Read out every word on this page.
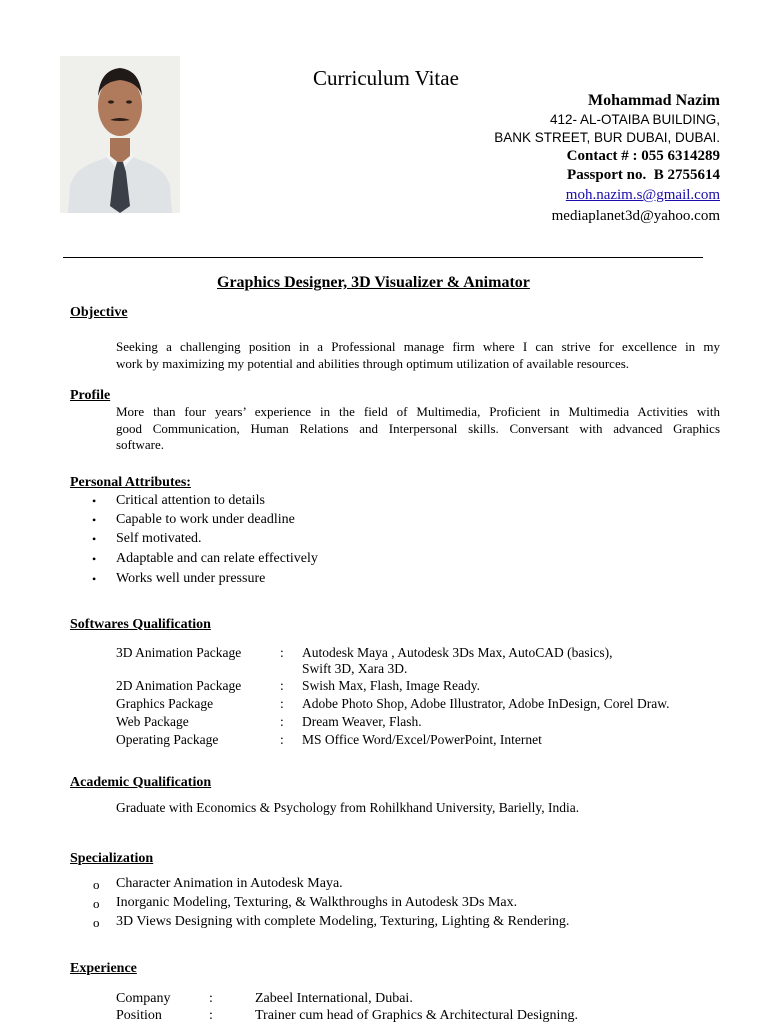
Curriculum Vitae
Mohammad Nazim
412- AL-OTAIBA BUILDING,
BANK STREET, BUR DUBAI, DUBAI.
Contact # : 055 6314289
Passport no. B 2755614
moh.nazim.s@gmail.com
mediaplanet3d@yahoo.com
Graphics Designer, 3D Visualizer & Animator
Objective
Seeking a challenging position in a Professional manage firm where I can strive for excellence in my
work by maximizing my potential and abilities through optimum utilization of available resources.
Profile
More than four years’ experience in the field of Multimedia, Proficient in Multimedia Activities with
good Communication, Human Relations and Interpersonal skills. Conversant with advanced Graphics
software.
Personal Attributes:
• Critical attention to details
• Capable to work under deadline
• Self motivated.
• Adaptable and can relate effectively
• Works well under pressure
Softwares Qualification
3D Animation Package	: Autodesk Maya , Autodesk 3Ds Max, AutoCAD (basics),
Swift 3D, Xara 3D.
2D Animation Package	: Swish Max, Flash, Image Ready.
Graphics Package	: Adobe Photo Shop, Adobe Illustrator, Adobe InDesign, Corel Draw.
Web Package	: Dream Weaver, Flash.
Operating Package	: MS Office Word/Excel/PowerPoint, Internet
Academic Qualification
Graduate with Economics & Psychology from Rohilkhand University, Barielly, India.
Specialization
o Character Animation in Autodesk Maya.
o Inorganic Modeling, Texturing, & Walkthroughs in Autodesk 3Ds Max.
o 3D Views Designing with complete Modeling, Texturing, Lighting & Rendering.
Experience
Company	:	Zabeel International, Dubai.
Position	:	Trainer cum head of Graphics & Architectural Designing.
